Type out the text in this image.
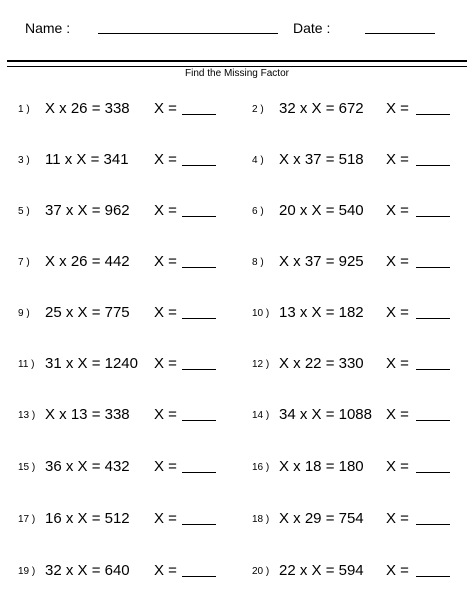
Name :	Date :
Find the Missing Factor
1 ) X x 26 = 338 X =	2 ) 32 x X = 672 X =
3 ) 11 x X = 341 X =	4 ) X x 37 = 518 X =
5 ) 37 x X = 962 X =	6 ) 20 x X = 540 X =
7 ) X x 26 = 442 X =	8 ) X x 37 = 925 X =
9 ) 25 x X = 775 X =	10 ) 13 x X = 182 X =
11 ) 31 x X = 1240 X =	12 ) X x 22 = 330 X =
13 ) X x 13 = 338 X =	14 ) 34 x X = 1088 X =
15 ) 36 x X = 432 X =	16 ) X x 18 = 180 X =
17 ) 16 x X = 512 X =	18 ) X x 29 = 754 X =
19 ) 32 x X = 640 X =	20 ) 22 x X = 594 X =
